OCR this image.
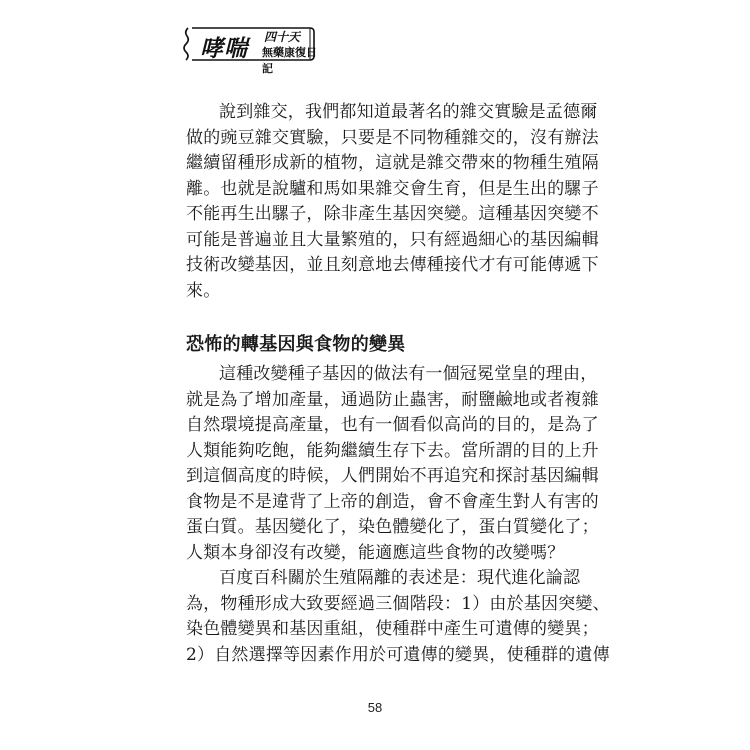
哮喘 四十天
無藥康復日記
說到雜交，我們都知道最著名的雜交實驗是孟德爾
做的豌豆雜交實驗，只要是不同物種雜交的，沒有辦法
繼續留種形成新的植物，這就是雜交帶來的物種生殖隔
離。也就是說驢和馬如果雜交會生育，但是生出的騾子
不能再生出騾子，除非產生基因突變。這種基因突變不
可能是普遍並且大量繁殖的，只有經過細心的基因編輯
技術改變基因，並且刻意地去傳種接代才有可能傳遞下
來。
恐怖的轉基因與食物的變異
這種改變種子基因的做法有一個冠冕堂皇的理由，
就是為了增加產量，通過防止蟲害，耐鹽鹼地或者複雜
自然環境提高產量，也有一個看似高尚的目的，是為了
人類能夠吃飽，能夠繼續生存下去。當所謂的目的上升
到這個高度的時候，人們開始不再追究和探討基因編輯
食物是不是違背了上帝的創造，會不會產生對人有害的
蛋白質。基因變化了，染色體變化了，蛋白質變化了；
人類本身卻沒有改變，能適應這些食物的改變嗎？
百度百科關於生殖隔離的表述是：現代進化論認
為，物種形成大致要經過三個階段：1）由於基因突變、
染色體變異和基因重組，使種群中產生可遺傳的變異；
2）自然選擇等因素作用於可遺傳的變異，使種群的遺傳
58
